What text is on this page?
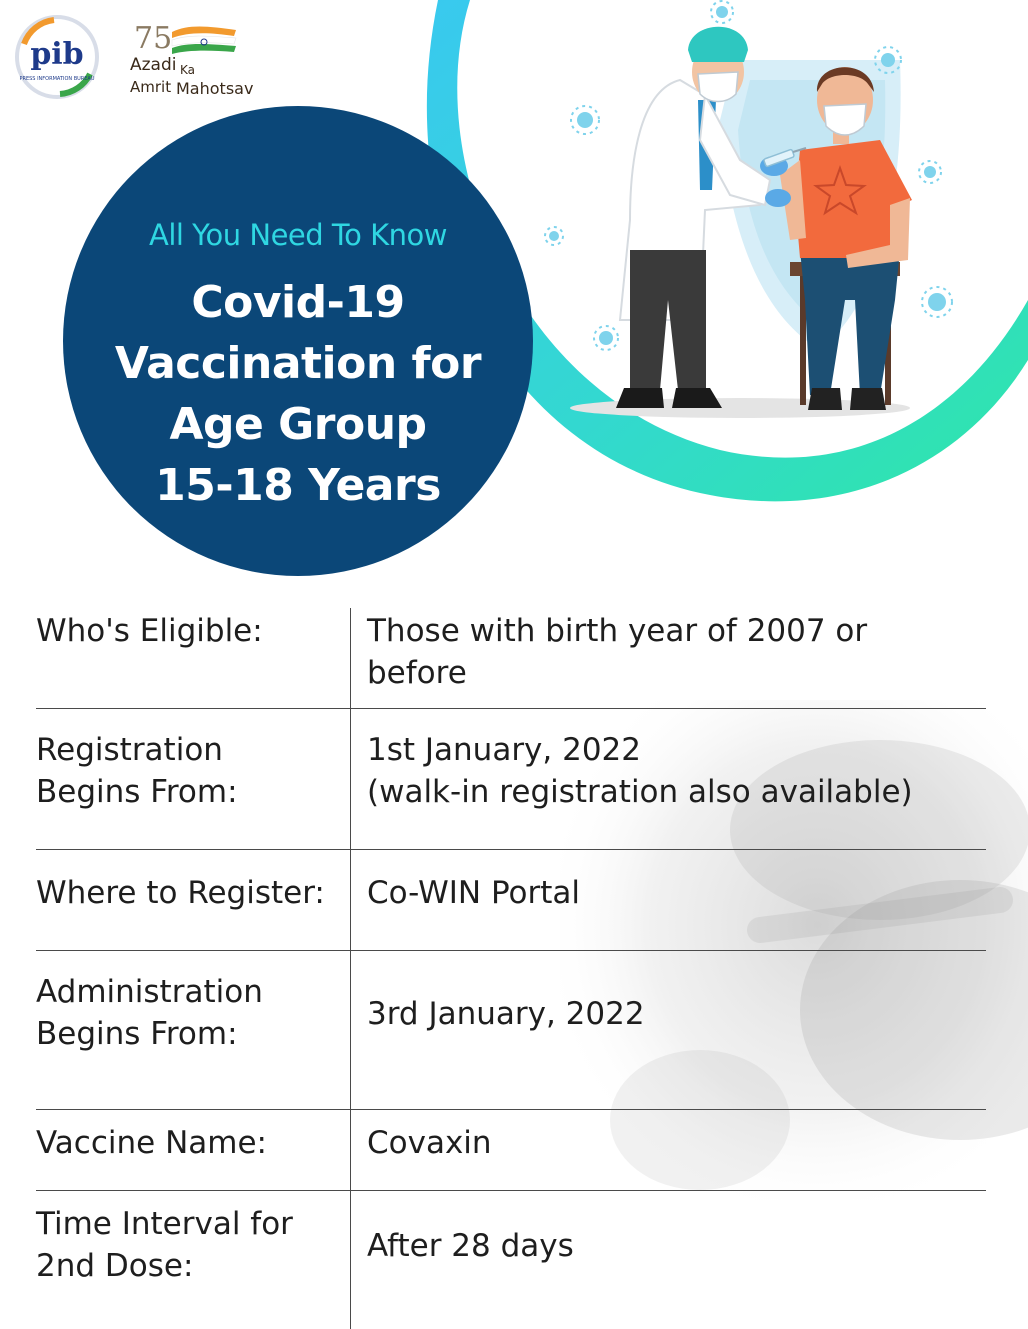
pib
PRESS INFORMATION BUREAU
75
Azadi Ka
Amrit Mahotsav
All You Need To Know
Covid-19
Vaccination for
Age Group
15-18 Years
Who's Eligible:	Those with birth year of 2007 or
before

Registration
Begins From:	1st January, 2022
(walk-in registration also available)

Where to Register:	Co-WIN Portal

Administration
Begins From:	3rd January, 2022

Vaccine Name:	Covaxin

Time Interval for
2nd Dose:	After 28 days
